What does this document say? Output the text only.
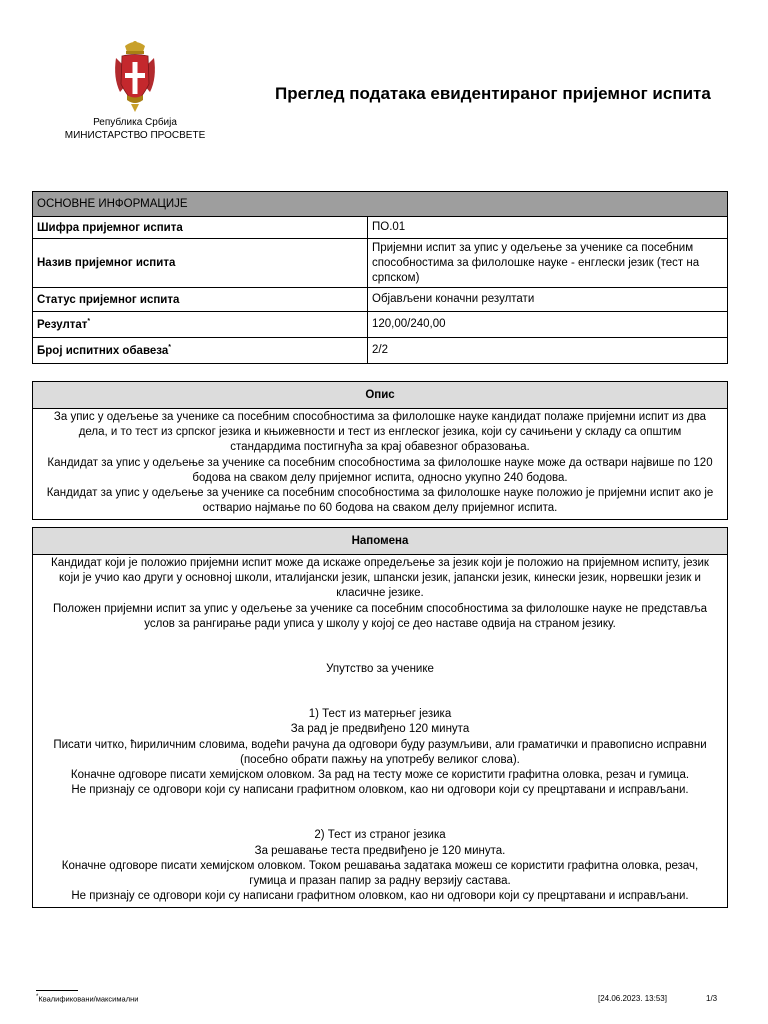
Република Србија
МИНИСТАРСТВО ПРОСВЕТЕ
Преглед података евидентираног пријемног испита
ОСНОВНЕ ИНФОРМАЦИЈЕ	
Шифра пријемног испита	ПО.01
Назив пријемног испита	Пријемни испит за упис у одељење за ученике са посебним способностима за филолошке науке - енглески језик (тест на српском)
Статус пријемног испита	Објављени коначни резултати
Резултат*	120,00/240,00
Број испитних обавеза*	2/2
Опис

За упис у одељење за ученике са посебним способностима за филолошке науке кандидат полаже пријемни испит из два дела, и то тест из српског језика и књижевности и тест из енглеског језика, који су сачињени у складу са општим стандардима постигнућа за крај обавезног образовања.

Кандидат за упис у одељење за ученике са посебним способностима за филолошке науке може да оствари највише по 120 бодова на сваком делу пријемног испита, односно укупно 240 бодова.

Кандидат за упис у одељење за ученике са посебним способностима за филолошке науке положио је пријемни испит ако је остварио најмање по 60 бодова на сваком делу пријемног испита.

Напомена

Кандидат који је положио пријемни испит може да искаже опредељење за језик који је положио на пријемном испиту, језик који је учио као други у основној школи, италијански језик, шпански језик, јапански језик, кинески језик, норвешки језик и класичне језике.

Положен пријемни испит за упис у одељење за ученике са посебним способностима за филолошке науке не представља услов за рангирање ради уписа у школу у којој се део наставе одвија на страном језику.

Упутство за ученике

1) Тест из матерњег језика

За рад је предвиђено 120 минута

Писати читко, ћириличним словима, водећи рачуна да одговори буду разумљиви, али граматички и правописно исправни (посебно обрати пажњу на употребу великог слова).

Коначне одговоре писати хемијском оловком. За рад на тесту може се користити графитна оловка, резач и гумица.

Не признају се одговори који су написани графитном оловком, као ни одговори који су прецртавани и исправљани.

2) Тест из страног језика

За решавање теста предвиђено је 120 минута.

Коначне одговоре писати хемијском оловком. Током решавања задатака можеш се користити графитна оловка, резач, гумица и празан папир за радну верзију састава.

Не признају се одговори који су написани графитном оловком, као ни одговори који су прецртавани и исправљани.

*Квалификовани/максимални	[24.06.2023. 13:53]	1/3
